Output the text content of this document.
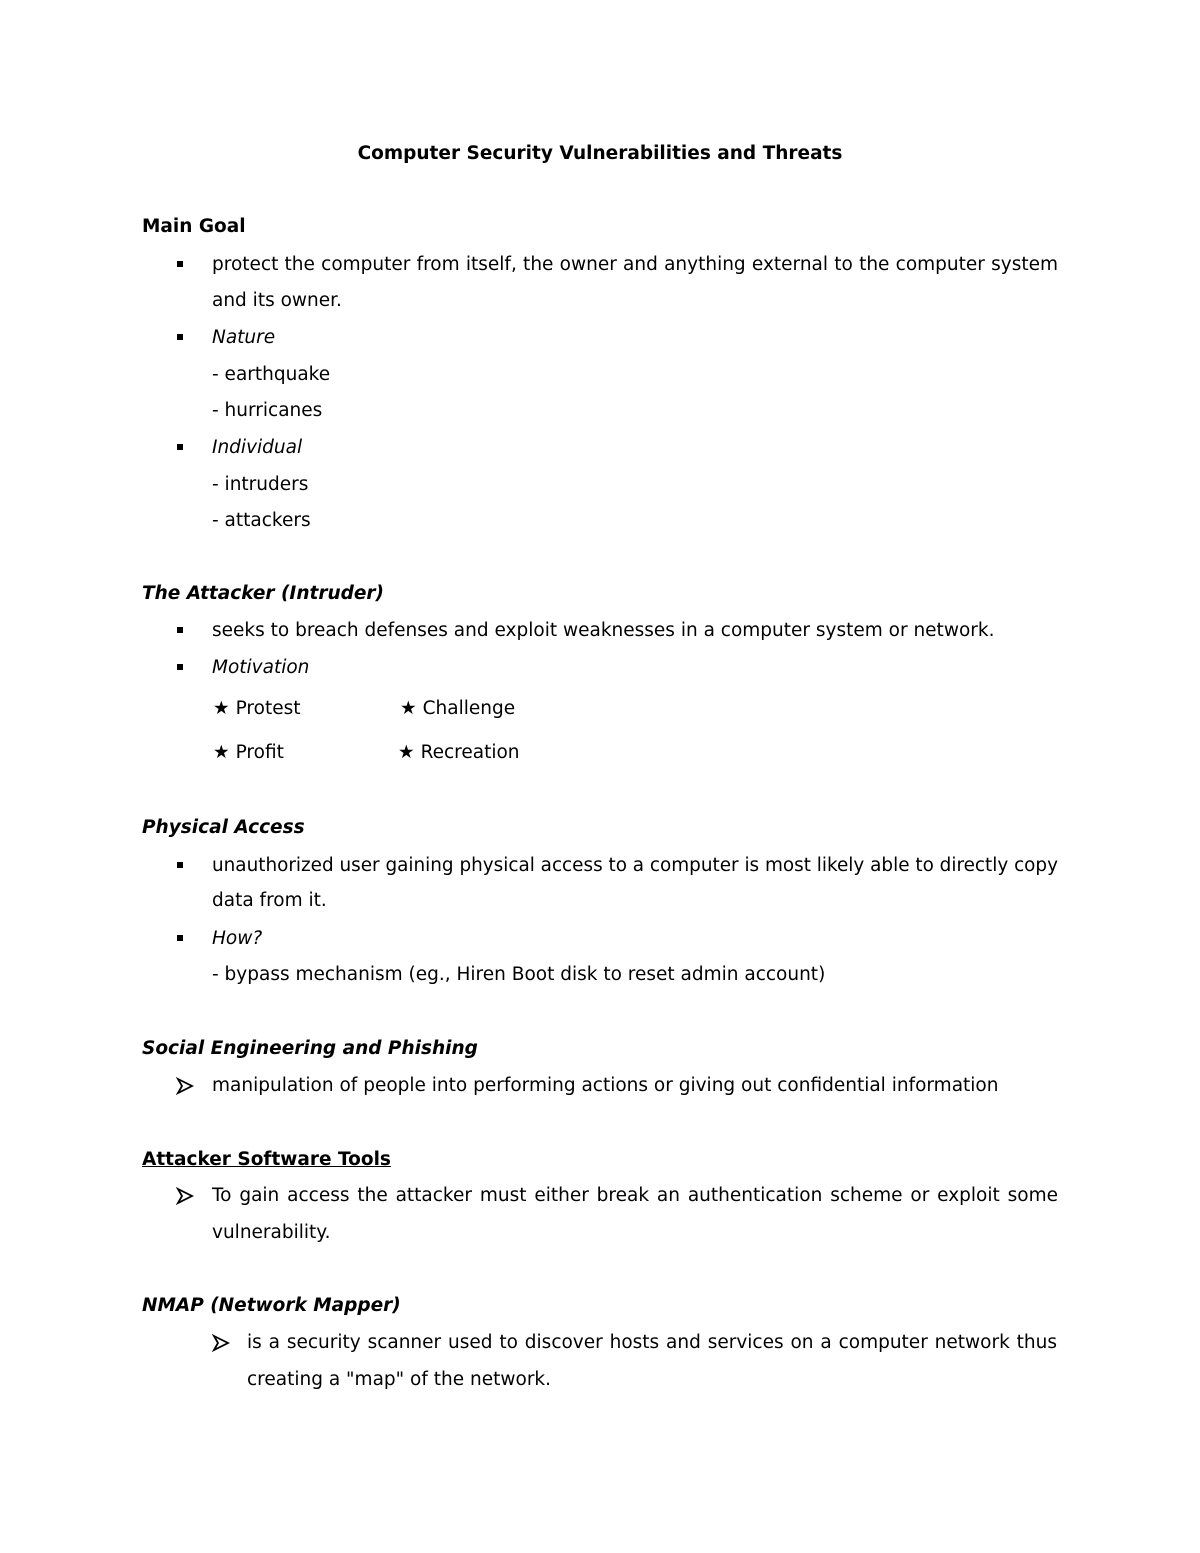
Computer Security Vulnerabilities and Threats
Main Goal
protect the computer from itself, the owner and anything external to the computer system
and its owner.
Nature
- earthquake
- hurricanes
Individual
- intruders
- attackers
The Attacker (Intruder)
seeks to breach defenses and exploit weaknesses in a computer system or network.
Motivation
★ Protest	★ Challenge
★ Profit	★ Recreation
Physical Access
unauthorized user gaining physical access to a computer is most likely able to directly copy
data from it.
How?
- bypass mechanism (eg., Hiren Boot disk to reset admin account)
Social Engineering and Phishing
manipulation of people into performing actions or giving out confidential information
Attacker Software Tools
To gain access the attacker must either break an authentication scheme or exploit some
vulnerability.
NMAP (Network Mapper)
is a security scanner used to discover hosts and services on a computer network thus
creating a "map" of the network.
